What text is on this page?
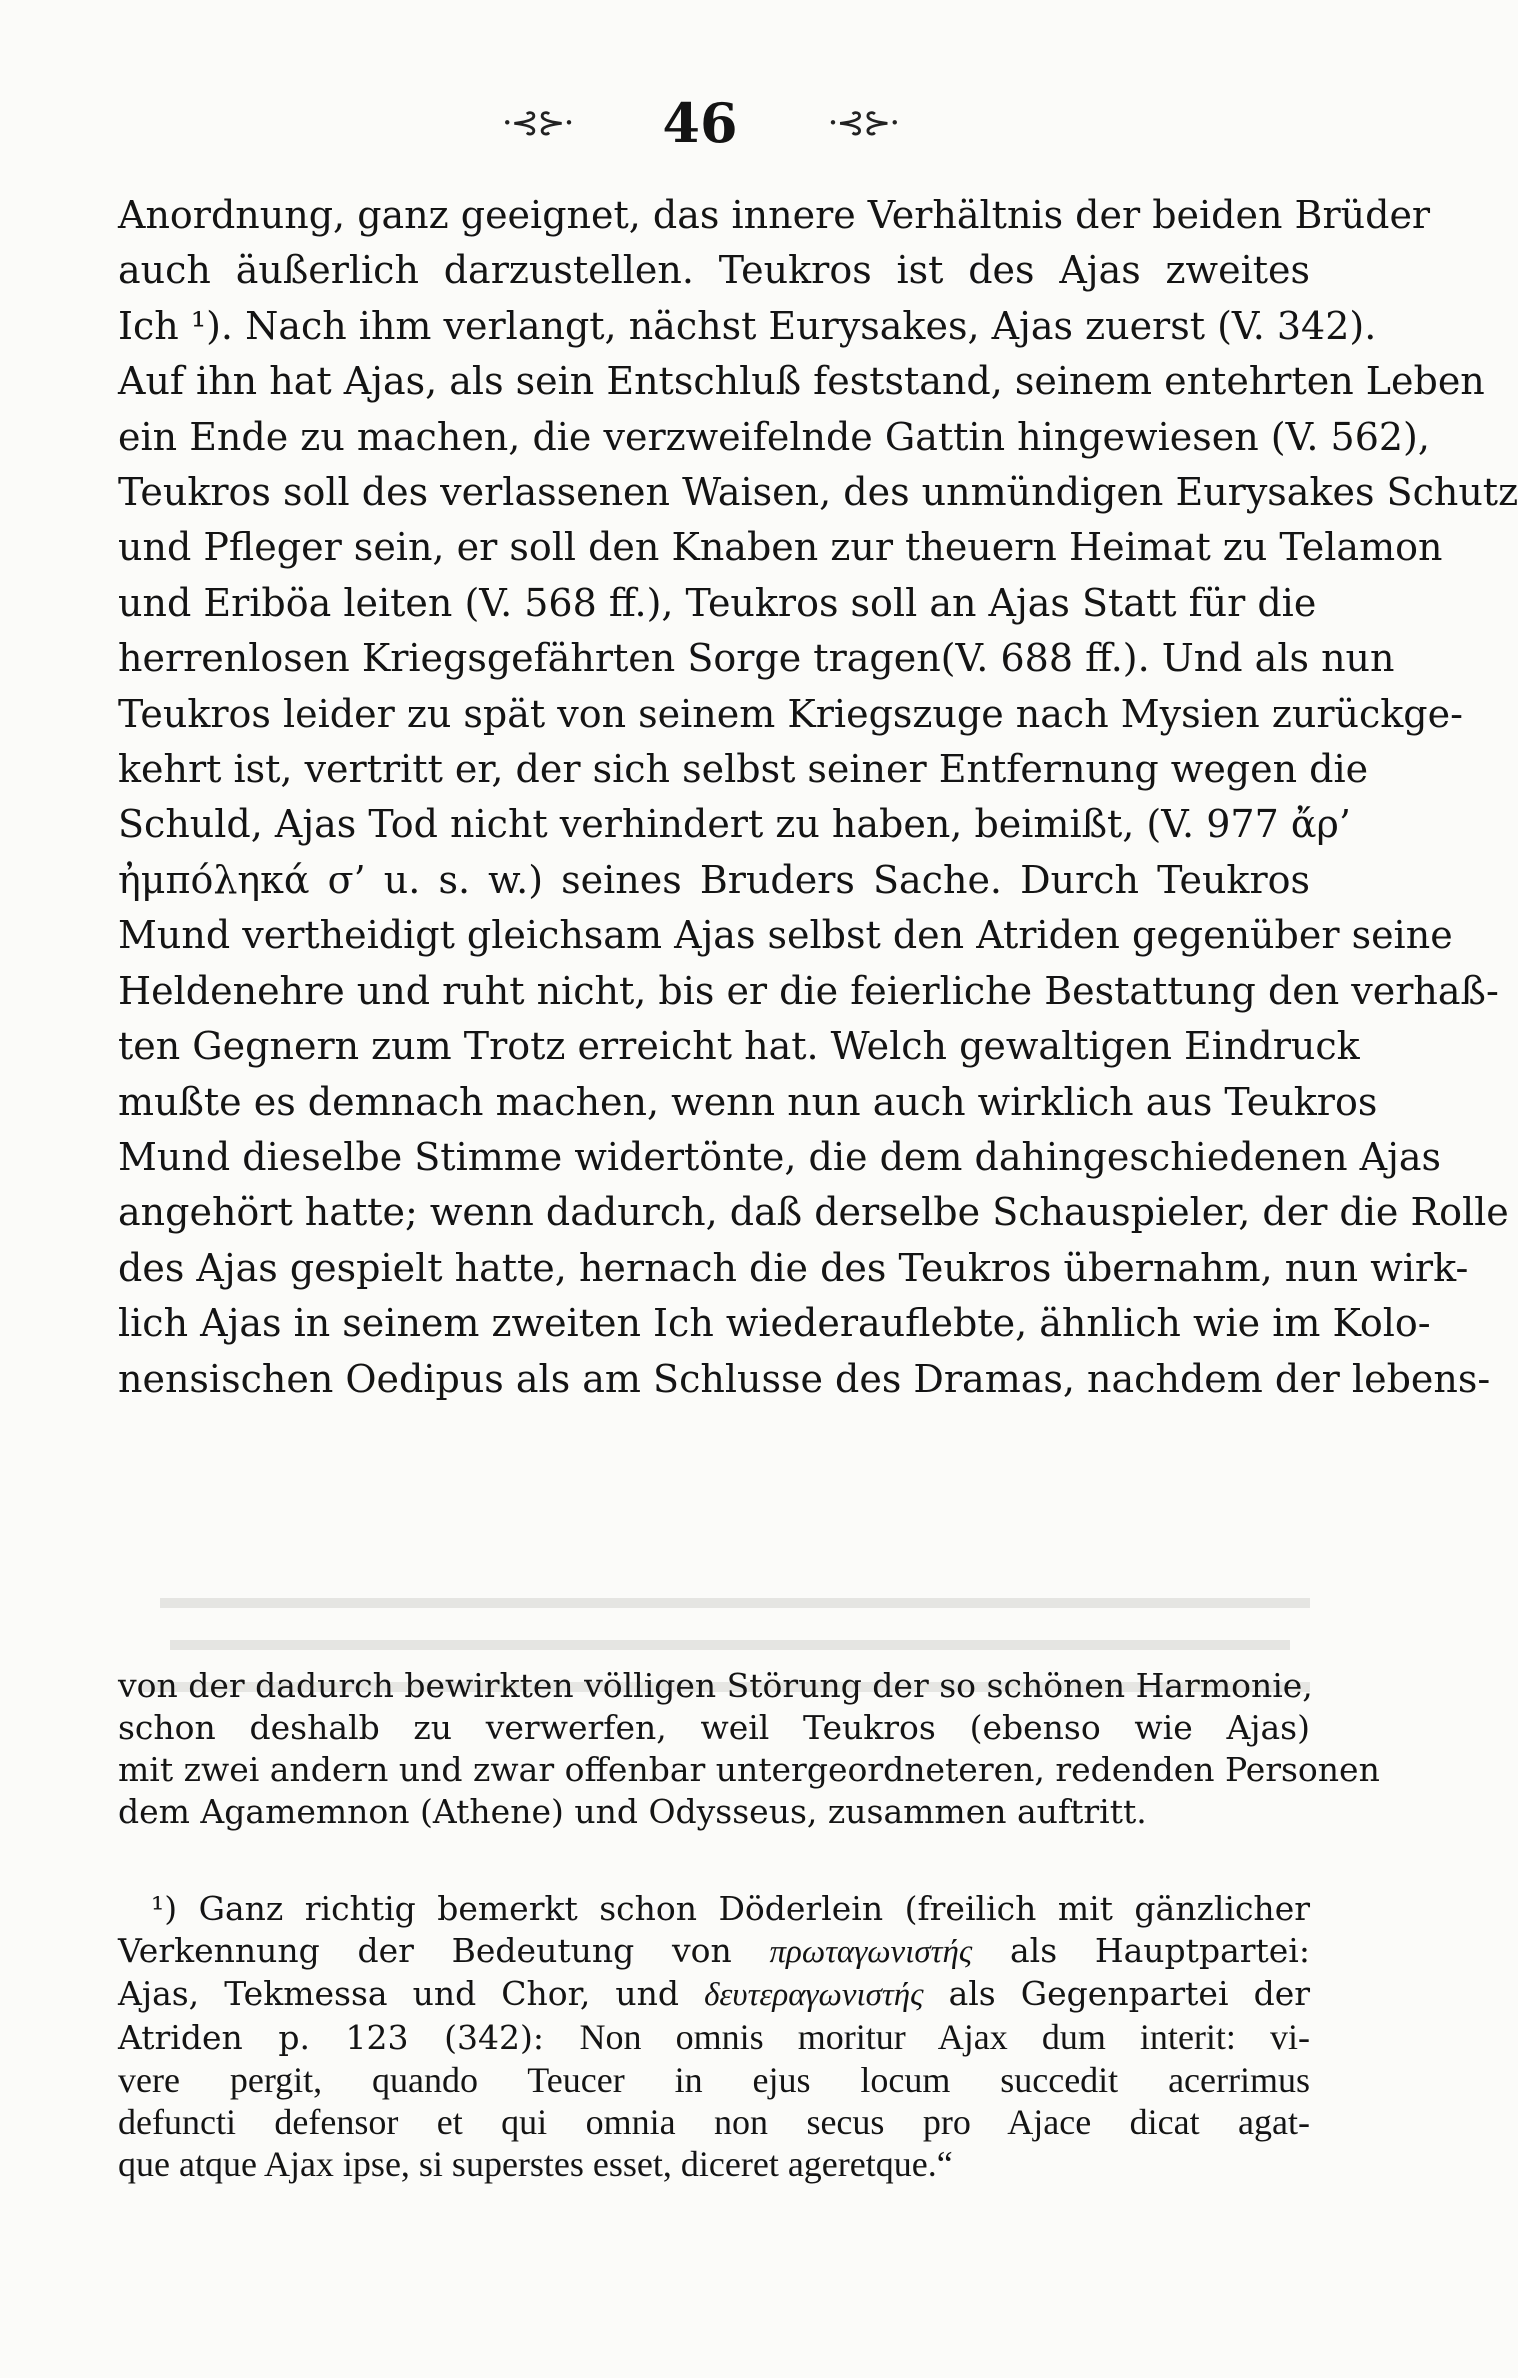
·⊰⊱· 46	·⊰⊱·
Anordnung, ganz geeignet, das innere Verhältnis der beiden Brüder
auch äußerlich darzustellen. Teukros ist des Ajas zweites
Ich ¹). Nach ihm verlangt, nächst Eurysakes, Ajas zuerst (V. 342).
Auf ihn hat Ajas, als sein Entschluß feststand, seinem entehrten Leben
ein Ende zu machen, die verzweifelnde Gattin hingewiesen (V. 562),
Teukros soll des verlassenen Waisen, des unmündigen Eurysakes Schutz
und Pfleger sein, er soll den Knaben zur theuern Heimat zu Telamon
und Eriböa leiten (V. 568 ff.), Teukros soll an Ajas Statt für die
herrenlosen Kriegsgefährten Sorge tragen(V. 688 ff.). Und als nun
Teukros leider zu spät von seinem Kriegszuge nach Mysien zurückge-
kehrt ist, vertritt er, der sich selbst seiner Entfernung wegen die
Schuld, Ajas Tod nicht verhindert zu haben, beimißt, (V. 977 ἄρ’
ἠμπόληκά σ’ u. s. w.) seines Bruders Sache. Durch Teukros
Mund vertheidigt gleichsam Ajas selbst den Atriden gegenüber seine
Heldenehre und ruht nicht, bis er die feierliche Bestattung den verhaß-
ten Gegnern zum Trotz erreicht hat. Welch gewaltigen Eindruck
mußte es demnach machen, wenn nun auch wirklich aus Teukros
Mund dieselbe Stimme widertönte, die dem dahingeschiedenen Ajas
angehört hatte; wenn dadurch, daß derselbe Schauspieler, der die Rolle
des Ajas gespielt hatte, hernach die des Teukros übernahm, nun wirk-
lich Ajas in seinem zweiten Ich wiederauflebte, ähnlich wie im Kolo-
nensischen Oedipus als am Schlusse des Dramas, nachdem der lebens-
von der dadurch bewirkten völligen Störung der so schönen Harmonie,
schon deshalb zu verwerfen, weil Teukros (ebenso wie Ajas)
mit zwei andern und zwar offenbar untergeordneteren, redenden Personen
dem Agamemnon (Athene) und Odysseus, zusammen auftritt.
 ¹) Ganz richtig bemerkt schon Döderlein (freilich mit gänzlicher
Verkennung der Bedeutung von πρωταγωνιστής als Hauptpartei:
Ajas, Tekmessa und Chor, und δευτεραγωνιστής als Gegenpartei der
Atriden p. 123 (342): Non omnis moritur Ajax dum interit: vi-
vere pergit, quando Teucer in ejus locum succedit acerrimus
defuncti defensor et qui omnia non secus pro Ajace dicat agat-
que atque Ajax ipse, si superstes esset, diceret ageretque.“
